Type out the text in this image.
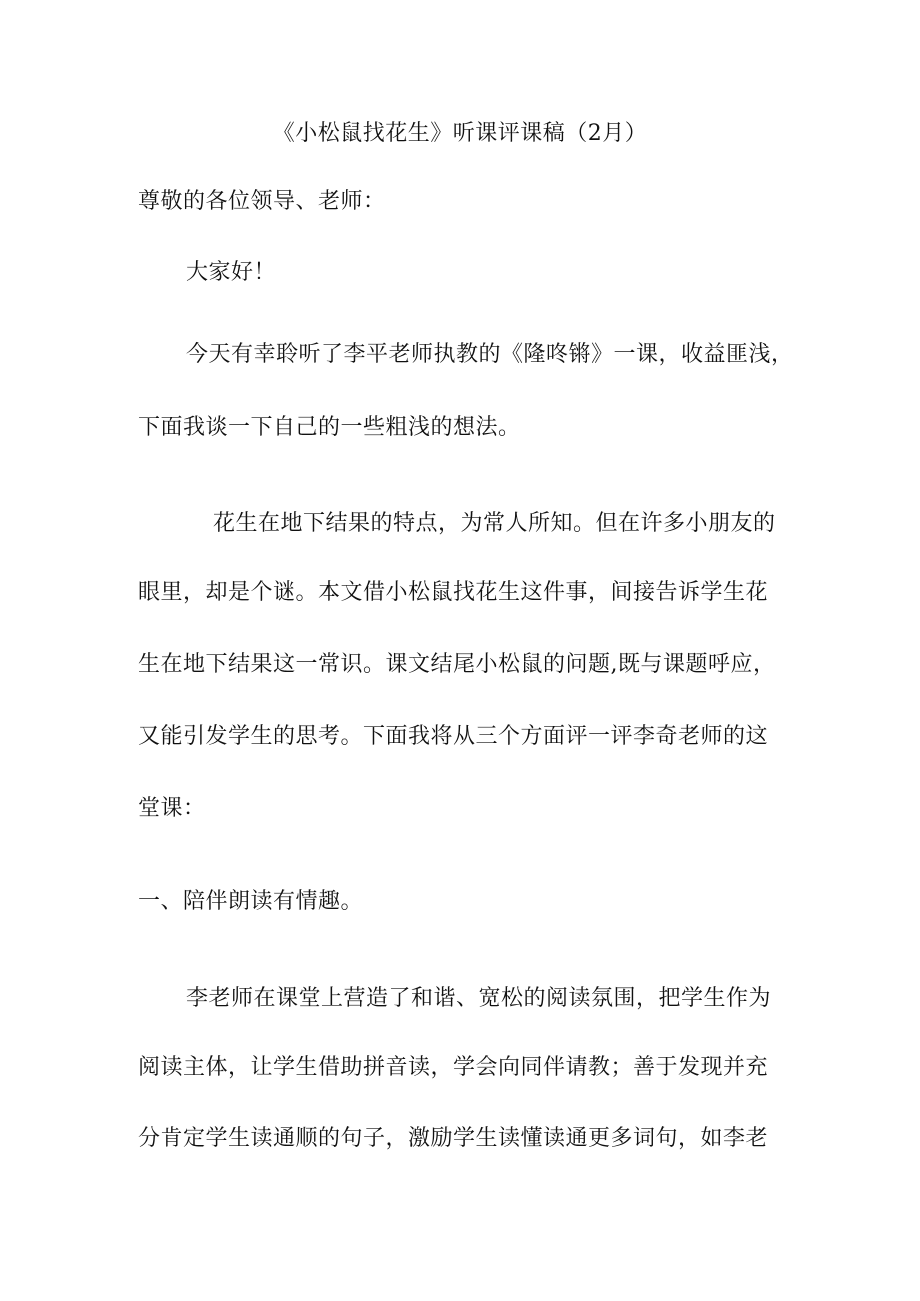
《小松鼠找花生》听课评课稿（2月）
尊敬的各位领导、老师：
大家好！
今天有幸聆听了李平老师执教的《隆咚锵》一课，收益匪浅，
下面我谈一下自己的一些粗浅的想法。
花生在地下结果的特点，为常人所知。但在许多小朋友的
眼里，却是个谜。本文借小松鼠找花生这件事，间接告诉学生花
生在地下结果这一常识。课文结尾小松鼠的问题,既与课题呼应，
又能引发学生的思考。下面我将从三个方面评一评李奇老师的这
堂课：
一、陪伴朗读有情趣。
李老师在课堂上营造了和谐、宽松的阅读氛围，把学生作为
阅读主体，让学生借助拼音读，学会向同伴请教；善于发现并充
分肯定学生读通顺的句子，激励学生读懂读通更多词句，如李老
